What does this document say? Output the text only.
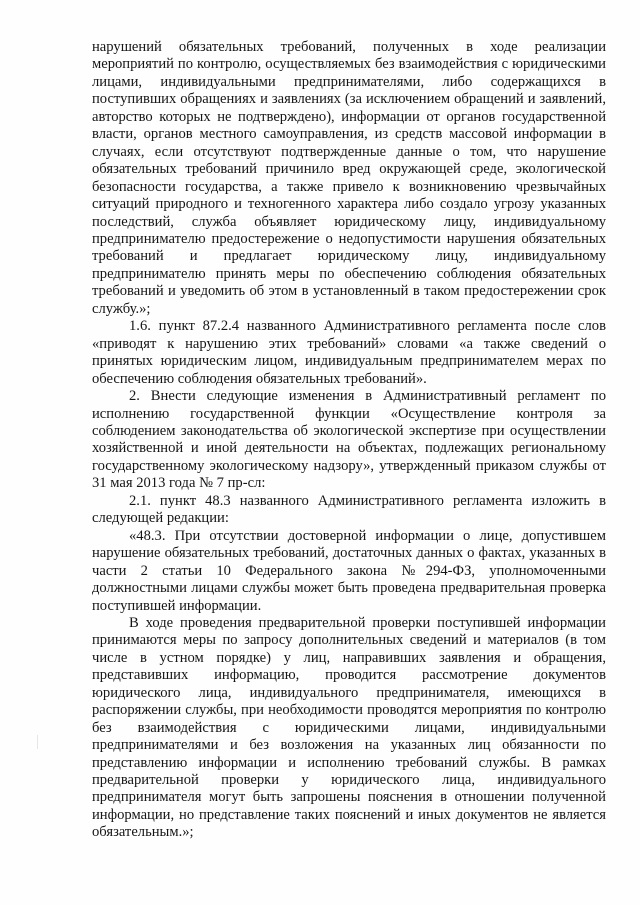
нарушений обязательных требований, полученных в ходе реализации мероприятий по контролю, осуществляемых без взаимодействия с юридическими лицами, индивидуальными предпринимателями, либо содержащихся в поступивших обращениях и заявлениях (за исключением обращений и заявлений, авторство которых не подтверждено), информации от органов государственной власти, органов местного самоуправления, из средств массовой информации в случаях, если отсутствуют подтвержденные данные о том, что нарушение обязательных требований причинило вред окружающей среде, экологической безопасности государства, а также привело к возникновению чрезвычайных ситуаций природного и техногенного характера либо создало угрозу указанных последствий, служба объявляет юридическому лицу, индивидуальному предпринимателю предостережение о недопустимости нарушения обязательных требований и предлагает юридическому лицу, индивидуальному предпринимателю принять меры по обеспечению соблюдения обязательных требований и уведомить об этом в установленный в таком предостережении срок службу.»;

1.6. пункт 87.2.4 названного Административного регламента после слов «приводят к нарушению этих требований» словами «а также сведений о принятых юридическим лицом, индивидуальным предпринимателем мерах по обеспечению соблюдения обязательных требований».

2. Внести следующие изменения в Административный регламент по исполнению государственной функции «Осуществление контроля за соблюдением законодательства об экологической экспертизе при осуществлении хозяйственной и иной деятельности на объектах, подлежащих региональному государственному экологическому надзору», утвержденный приказом службы от 31 мая 2013 года № 7 пр-сл:

2.1. пункт 48.3 названного Административного регламента изложить в следующей редакции:

«48.3. При отсутствии достоверной информации о лице, допустившем нарушение обязательных требований, достаточных данных о фактах, указанных в части 2 статьи 10 Федерального закона №294-ФЗ, уполномоченными должностными лицами службы может быть проведена предварительная проверка поступившей информации.

В ходе проведения предварительной проверки поступившей информации принимаются меры по запросу дополнительных сведений и материалов (в том числе в устном порядке) у лиц, направивших заявления и обращения, представивших информацию, проводится рассмотрение документов юридического лица, индивидуального предпринимателя, имеющихся в распоряжении службы, при необходимости проводятся мероприятия по контролю без взаимодействия с юридическими лицами, индивидуальными предпринимателями и без возложения на указанных лиц обязанности по представлению информации и исполнению требований службы. В рамках предварительной проверки у юридического лица, индивидуального предпринимателя могут быть запрошены пояснения в отношении полученной информации, но представление таких пояснений и иных документов не является обязательным.»;
